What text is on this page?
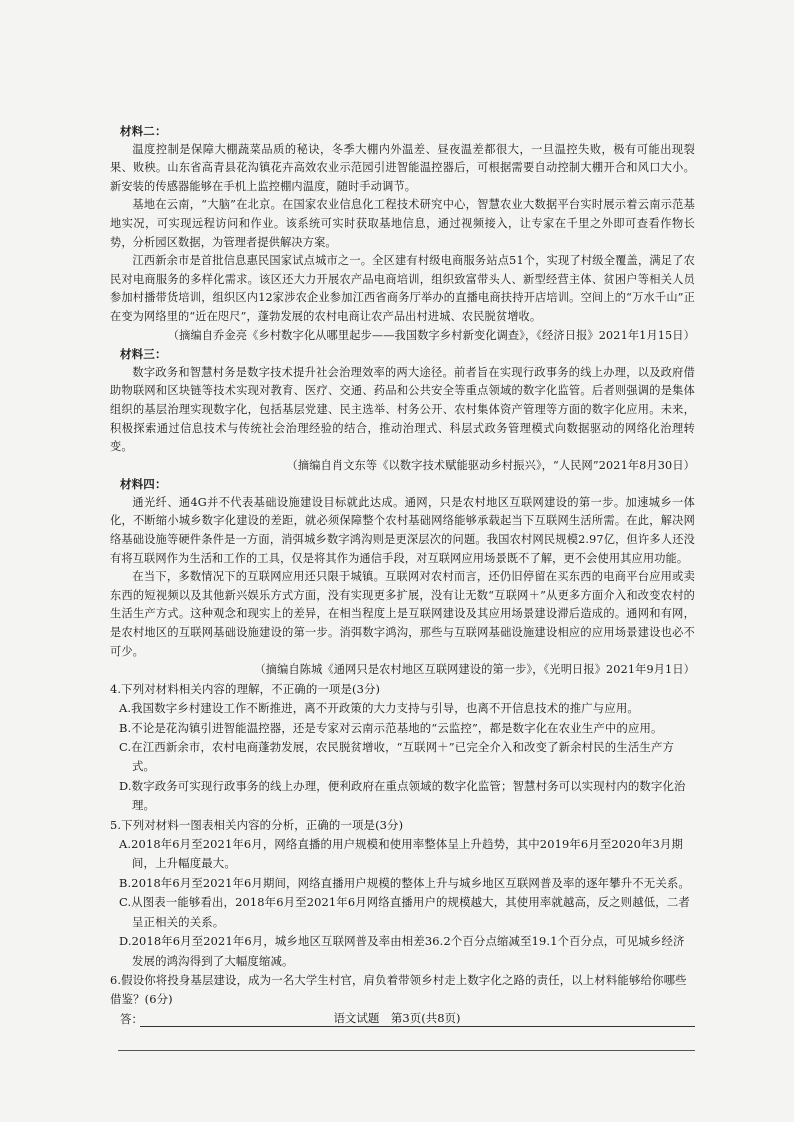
材料二：

温度控制是保障大棚蔬菜品质的秘诀，冬季大棚内外温差、昼夜温差都很大，一旦温控失败，极有可能出现裂果、败秧。山东省高青县花沟镇花卉高效农业示范园引进智能温控器后，可根据需要自动控制大棚开合和风口大小。新安装的传感器能够在手机上监控棚内温度，随时手动调节。

基地在云南，“大脑”在北京。在国家农业信息化工程技术研究中心，智慧农业大数据平台实时展示着云南示范基地实况，可实现远程访问和作业。该系统可实时获取基地信息，通过视频接入，让专家在千里之外即可查看作物长势，分析园区数据，为管理者提供解决方案。

江西新余市是首批信息惠民国家试点城市之一。全区建有村级电商服务站点51个，实现了村级全覆盖，满足了农民对电商服务的多样化需求。该区还大力开展农产品电商培训，组织致富带头人、新型经营主体、贫困户等相关人员参加村播带货培训，组织区内12家涉农企业参加江西省商务厅举办的直播电商扶持开店培训。空间上的“万水千山”正在变为网络里的“近在咫尺”，蓬勃发展的农村电商让农产品出村进城、农民脱贫增收。

（摘编自乔金亮《乡村数字化从哪里起步——我国数字乡村新变化调查》，《经济日报》2021年1月15日）

材料三：

数字政务和智慧村务是数字技术提升社会治理效率的两大途径。前者旨在实现行政事务的线上办理，以及政府借助物联网和区块链等技术实现对教育、医疗、交通、药品和公共安全等重点领域的数字化监管。后者则强调的是集体组织的基层治理实现数字化，包括基层党建、民主选举、村务公开、农村集体资产管理等方面的数字化应用。未来，积极探索通过信息技术与传统社会治理经验的结合，推动治理式、科层式政务管理模式向数据驱动的网络化治理转变。

（摘编自肖文东等《以数字技术赋能驱动乡村振兴》，“人民网”2021年8月30日）

材料四：

通光纤、通4G并不代表基础设施建设目标就此达成。通网，只是农村地区互联网建设的第一步。加速城乡一体化，不断缩小城乡数字化建设的差距，就必须保障整个农村基础网络能够承载起当下互联网生活所需。在此，解决网络基础设施等硬件条件是一方面，消弭城乡数字鸿沟则是更深层次的问题。我国农村网民规模2.97亿，但许多人还没有将互联网作为生活和工作的工具，仅是将其作为通信手段，对互联网应用场景既不了解，更不会使用其应用功能。

在当下，多数情况下的互联网应用还只限于城镇。互联网对农村而言，还仍旧停留在买东西的电商平台应用或卖东西的短视频以及其他新兴娱乐方式方面，没有实现更多扩展，没有让无数“互联网＋”从更多方面介入和改变农村的生活生产方式。这种观念和现实上的差异，在相当程度上是互联网建设及其应用场景建设滞后造成的。通网和有网，是农村地区的互联网基础设施建设的第一步。消弭数字鸿沟，那些与互联网基础设施建设相应的应用场景建设也必不可少。

（摘编自陈城《通网只是农村地区互联网建设的第一步》，《光明日报》2021年9月1日）

4.下列对材料相关内容的理解，不正确的一项是(3分)

A.我国数字乡村建设工作不断推进，离不开政策的大力支持与引导，也离不开信息技术的推广与应用。

B.不论是花沟镇引进智能温控器，还是专家对云南示范基地的“云监控”，都是数字化在农业生产中的应用。

C.在江西新余市，农村电商蓬勃发展，农民脱贫增收，“互联网＋”已完全介入和改变了新余村民的生活生产方式。

D.数字政务可实现行政事务的线上办理，便利政府在重点领域的数字化监管；智慧村务可以实现村内的数字化治理。

5.下列对材料一图表相关内容的分析，正确的一项是(3分)

A.2018年6月至2021年6月，网络直播的用户规模和使用率整体呈上升趋势，其中2019年6月至2020年3月期间，上升幅度最大。

B.2018年6月至2021年6月期间，网络直播用户规模的整体上升与城乡地区互联网普及率的逐年攀升不无关系。

C.从图表一能够看出，2018年6月至2021年6月网络直播用户的规模越大，其使用率就越高，反之则越低，二者呈正相关的关系。

D.2018年6月至2021年6月，城乡地区互联网普及率由相差36.2个百分点缩减至19.1个百分点，可见城乡经济发展的鸿沟得到了大幅度缩减。

6.假设你将投身基层建设，成为一名大学生村官，肩负着带领乡村走上数字化之路的责任，以上材料能够给你哪些借鉴？(6分)

答：	语文试题　第3页(共8页)
